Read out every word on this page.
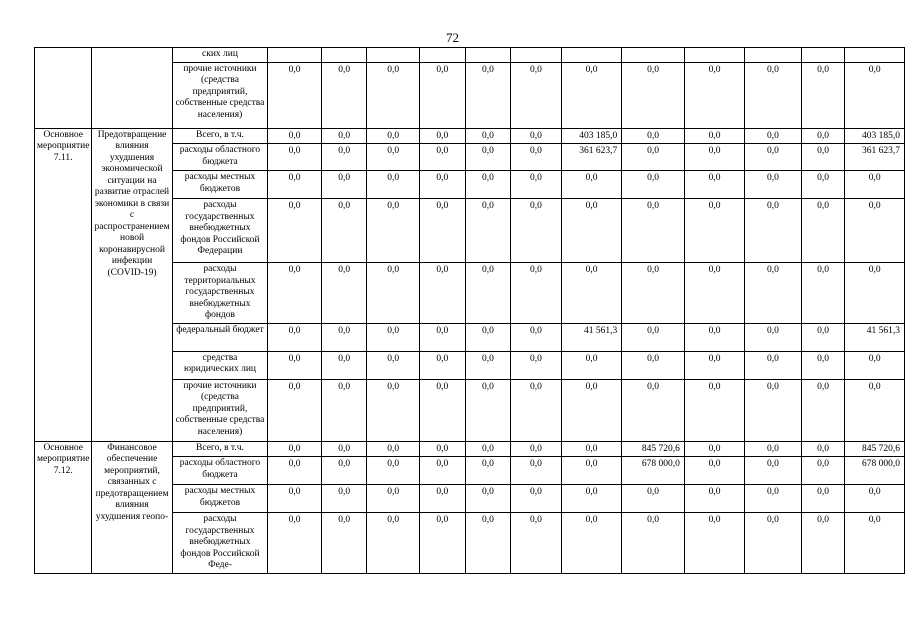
72
		ских лиц												
		прочие источники (средства предприятий, собственные средства населения)	0,0	0,0	0,0	0,0	0,0	0,0	0,0	0,0	0,0	0,0	0,0	0,0
Основное мероприятие 7.11.	Предотвращение влияния ухудшения экономической ситуации на развитие отраслей экономики в связи с распространением новой коронавирусной инфекции (COVID-19)	Всего, в т.ч.	0,0	0,0	0,0	0,0	0,0	0,0	403 185,0	0,0	0,0	0,0	0,0	403 185,0
		расходы областного бюджета	0,0	0,0	0,0	0,0	0,0	0,0	361 623,7	0,0	0,0	0,0	0,0	361 623,7
		расходы местных бюджетов	0,0	0,0	0,0	0,0	0,0	0,0	0,0	0,0	0,0	0,0	0,0	0,0
		расходы государственных внебюджетных фондов Российской Федерации	0,0	0,0	0,0	0,0	0,0	0,0	0,0	0,0	0,0	0,0	0,0	0,0
		расходы территориальных государственных внебюджетных фондов	0,0	0,0	0,0	0,0	0,0	0,0	0,0	0,0	0,0	0,0	0,0	0,0
		федеральный бюджет	0,0	0,0	0,0	0,0	0,0	0,0	41 561,3	0,0	0,0	0,0	0,0	41 561,3
		средства юридических лиц	0,0	0,0	0,0	0,0	0,0	0,0	0,0	0,0	0,0	0,0	0,0	0,0
		прочие источники (средства предприятий, собственные средства населения)	0,0	0,0	0,0	0,0	0,0	0,0	0,0	0,0	0,0	0,0	0,0	0,0
Основное мероприятие 7.12.	Финансовое обеспечение мероприятий, связанных с предотвращением влияния ухудшения геопо-	Всего, в т.ч.	0,0	0,0	0,0	0,0	0,0	0,0	0,0	845 720,6	0,0	0,0	0,0	845 720,6
		расходы областного бюджета	0,0	0,0	0,0	0,0	0,0	0,0	0,0	678 000,0	0,0	0,0	0,0	678 000,0
		расходы местных бюджетов	0,0	0,0	0,0	0,0	0,0	0,0	0,0	0,0	0,0	0,0	0,0	0,0
		расходы государственных внебюджетных фондов Российской Феде-	0,0	0,0	0,0	0,0	0,0	0,0	0,0	0,0	0,0	0,0	0,0	0,0
